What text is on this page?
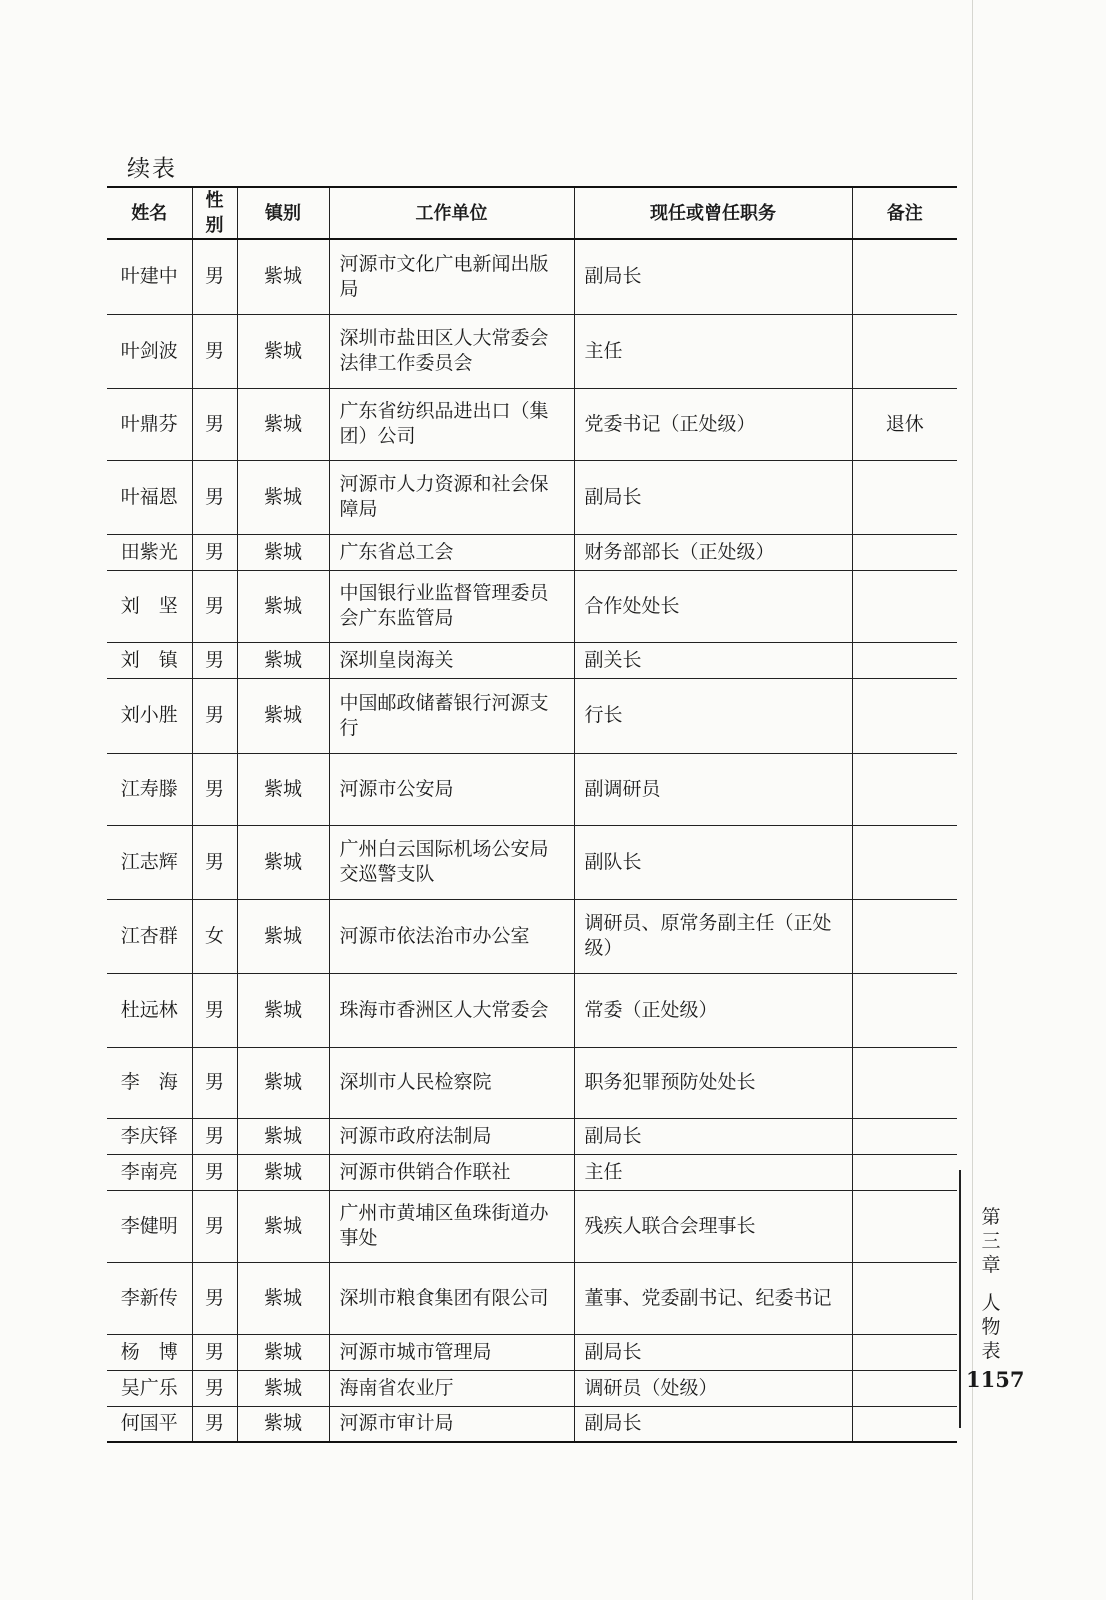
续表
姓名	性别	镇别	工作单位	现任或曾任职务	备注
叶建中	男	紫城	河源市文化广电新闻出版局	副局长	
叶剑波	男	紫城	深圳市盐田区人大常委会法律工作委员会	主任	
叶鼎芬	男	紫城	广东省纺织品进出口（集团）公司	党委书记（正处级）	退休
叶福恩	男	紫城	河源市人力资源和社会保障局	副局长	
田紫光	男	紫城	广东省总工会	财务部部长（正处级）	
刘　坚	男	紫城	中国银行业监督管理委员会广东监管局	合作处处长	
刘　镇	男	紫城	深圳皇岗海关	副关长	
刘小胜	男	紫城	中国邮政储蓄银行河源支行	行长	
江寿滕	男	紫城	河源市公安局	副调研员	
江志辉	男	紫城	广州白云国际机场公安局交巡警支队	副队长	
江杏群	女	紫城	河源市依法治市办公室	调研员、原常务副主任（正处级）	
杜远林	男	紫城	珠海市香洲区人大常委会	常委（正处级）	
李　海	男	紫城	深圳市人民检察院	职务犯罪预防处处长	
李庆铎	男	紫城	河源市政府法制局	副局长	
李南亮	男	紫城	河源市供销合作联社	主任	
李健明	男	紫城	广州市黄埔区鱼珠街道办事处	残疾人联合会理事长	
李新传	男	紫城	深圳市粮食集团有限公司	董事、党委副书记、纪委书记	
杨　博	男	紫城	河源市城市管理局	副局长	
吴广乐	男	紫城	海南省农业厅	调研员（处级）	
何国平	男	紫城	河源市审计局	副局长	
第
三
章
人
物
表
1157
